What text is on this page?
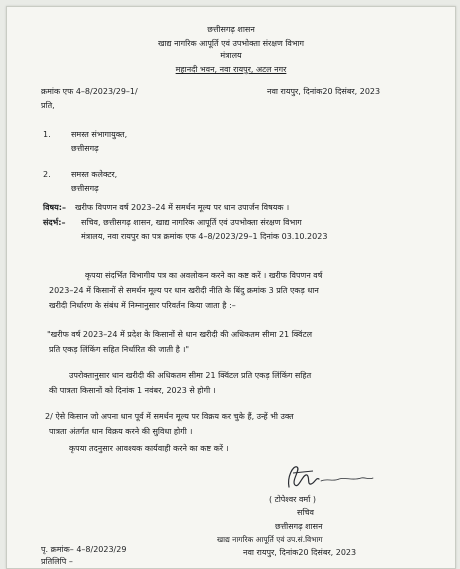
छत्तीसगढ़ शासन
खाद्य नागरिक आपूर्ति एवं उपभोक्ता संरक्षण विभाग
मंत्रालय
महानदी भवन, नवा रायपुर, अटल नगर
क्रमांक एफ 4–8/2023/29–1/	नवा रायपुर, दिनांक20 दिसंबर, 2023
प्रति,
1.	समस्त संभागायुक्त,
छत्तीसगढ़
2.	समस्त कलेक्टर,
छत्तीसगढ़
विषय:– खरीफ विपणन वर्ष 2023–24 में समर्थन मूल्य पर धान उपार्जन विषयक ।
संदर्भ:– सचिव, छत्तीसगढ़ शासन, खाद्य नागरिक आपूर्ति एवं उपभोक्ता संरक्षण विभाग
मंत्रालय, नवा रायपुर का पत्र क्रमांक एफ 4–8/2023/29–1 दिनांक 03.10.2023
कृपया संदर्भित विभागीय पत्र का अवलोकन करने का कष्ट करें । खरीफ विपणन वर्ष
2023–24 में किसानों से समर्थन मूल्य पर धान खरीदी नीति के बिंदु क्रमांक 3 प्रति एकड़ धान
खरीदी निर्धारण के संबंध में निम्नानुसार परिवर्तन किया जाता है :–
"खरीफ वर्ष 2023–24 में प्रदेश के किसानों से धान खरीदी की अधिकतम सीमा 21 क्विंटल
प्रति एकड़ लिंकिंग सहित निर्धारित की जाती है ।"
उपरोक्तानुसार धान खरीदी की अधिकतम सीमा 21 क्विंटल प्रति एकड़ लिंकिंग सहित
की पात्रता किसानों को दिनांक 1 नवंबर, 2023 से होगी ।
2/ ऐसे किसान जो अपना धान पूर्व में समर्थन मूल्य पर विक्रय कर चुके हैं, उन्हें भी उक्त
पात्रता अंतर्गत धान विक्रय करने की सुविधा होगी ।
कृपया तदनुसार आवश्यक कार्यवाही करने का कष्ट करें ।
( टोपेश्वर वर्मा )
सचिव
छत्तीसगढ़ शासन
खाद्य नागरिक आपूर्ति एवं उप.सं.विभाग
नवा रायपुर, दिनांक20 दिसंबर, 2023
पृ. क्रमांक– 4–8/2023/29
प्रतिलिपि –
